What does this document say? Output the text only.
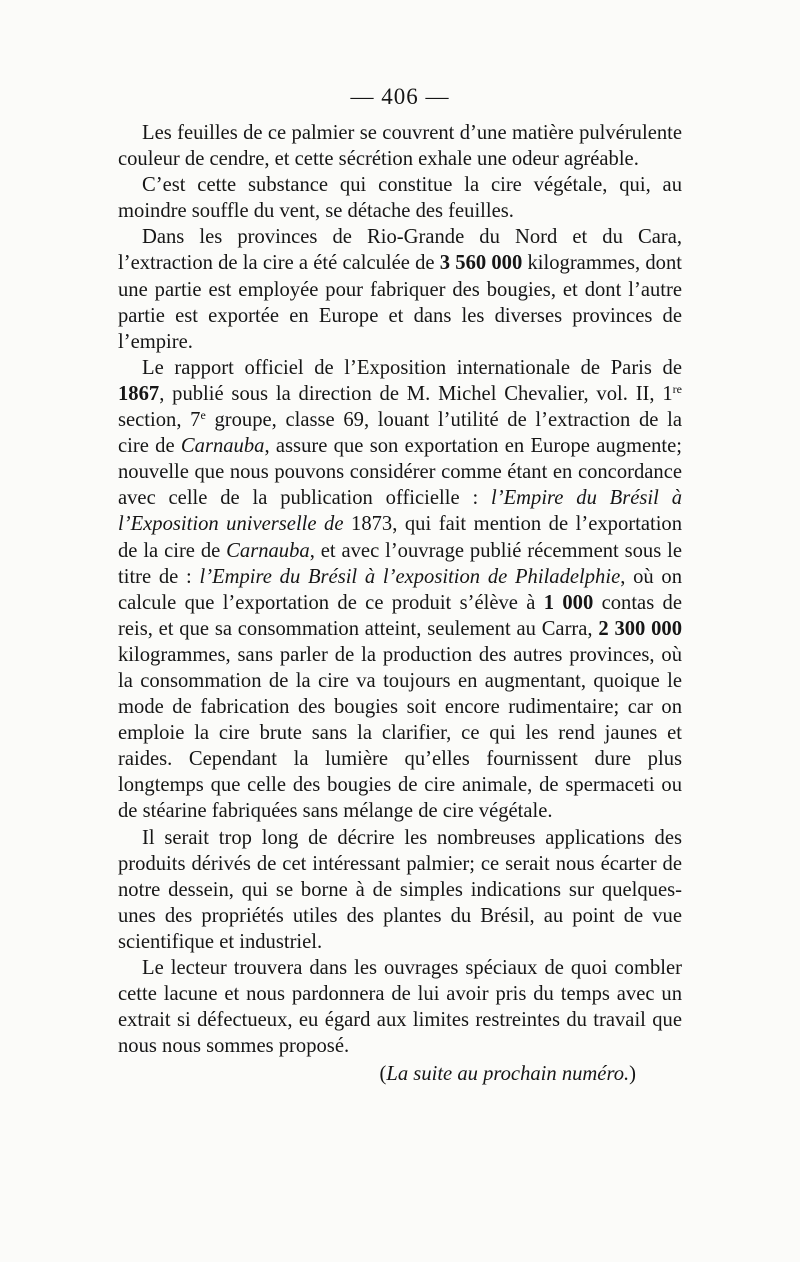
— 406 —

Les feuilles de ce palmier se couvrent d’une matière pulvérulente couleur de cendre, et cette sécrétion exhale une odeur agréable.

C’est cette substance qui constitue la cire végétale, qui, au moindre souffle du vent, se détache des feuilles.

Dans les provinces de Rio-Grande du Nord et du Cara, l’extraction de la cire a été calculée de 3 560 000 kilogrammes, dont une partie est employée pour fabriquer des bougies, et dont l’autre partie est exportée en Europe et dans les diverses provinces de l’empire.

Le rapport officiel de l’Exposition internationale de Paris de 1867, publié sous la direction de M. Michel Chevalier, vol. II, 1re section, 7e groupe, classe 69, louant l’utilité de l’extraction de la cire de Carnauba, assure que son exportation en Europe augmente; nouvelle que nous pouvons considérer comme étant en concordance avec celle de la publication officielle : l’Empire du Brésil à l’Exposition universelle de 1873, qui fait mention de l’exportation de la cire de Carnauba, et avec l’ouvrage publié récemment sous le titre de : l’Empire du Brésil à l’exposition de Philadelphie, où on calcule que l’exportation de ce produit s’élève à 1 000 contas de reis, et que sa consommation atteint, seulement au Carra, 2 300 000 kilogrammes, sans parler de la production des autres provinces, où la consommation de la cire va toujours en augmentant, quoique le mode de fabrication des bougies soit encore rudimentaire; car on emploie la cire brute sans la clarifier, ce qui les rend jaunes et raides. Cependant la lumière qu’elles fournissent dure plus longtemps que celle des bougies de cire animale, de spermaceti ou de stéarine fabriquées sans mélange de cire végétale.

Il serait trop long de décrire les nombreuses applications des produits dérivés de cet intéressant palmier; ce serait nous écarter de notre dessein, qui se borne à de simples indications sur quelques-unes des propriétés utiles des plantes du Brésil, au point de vue scientifique et industriel.

Le lecteur trouvera dans les ouvrages spéciaux de quoi combler cette lacune et nous pardonnera de lui avoir pris du temps avec un extrait si défectueux, eu égard aux limites restreintes du travail que nous nous sommes proposé.

(La suite au prochain numéro.)
